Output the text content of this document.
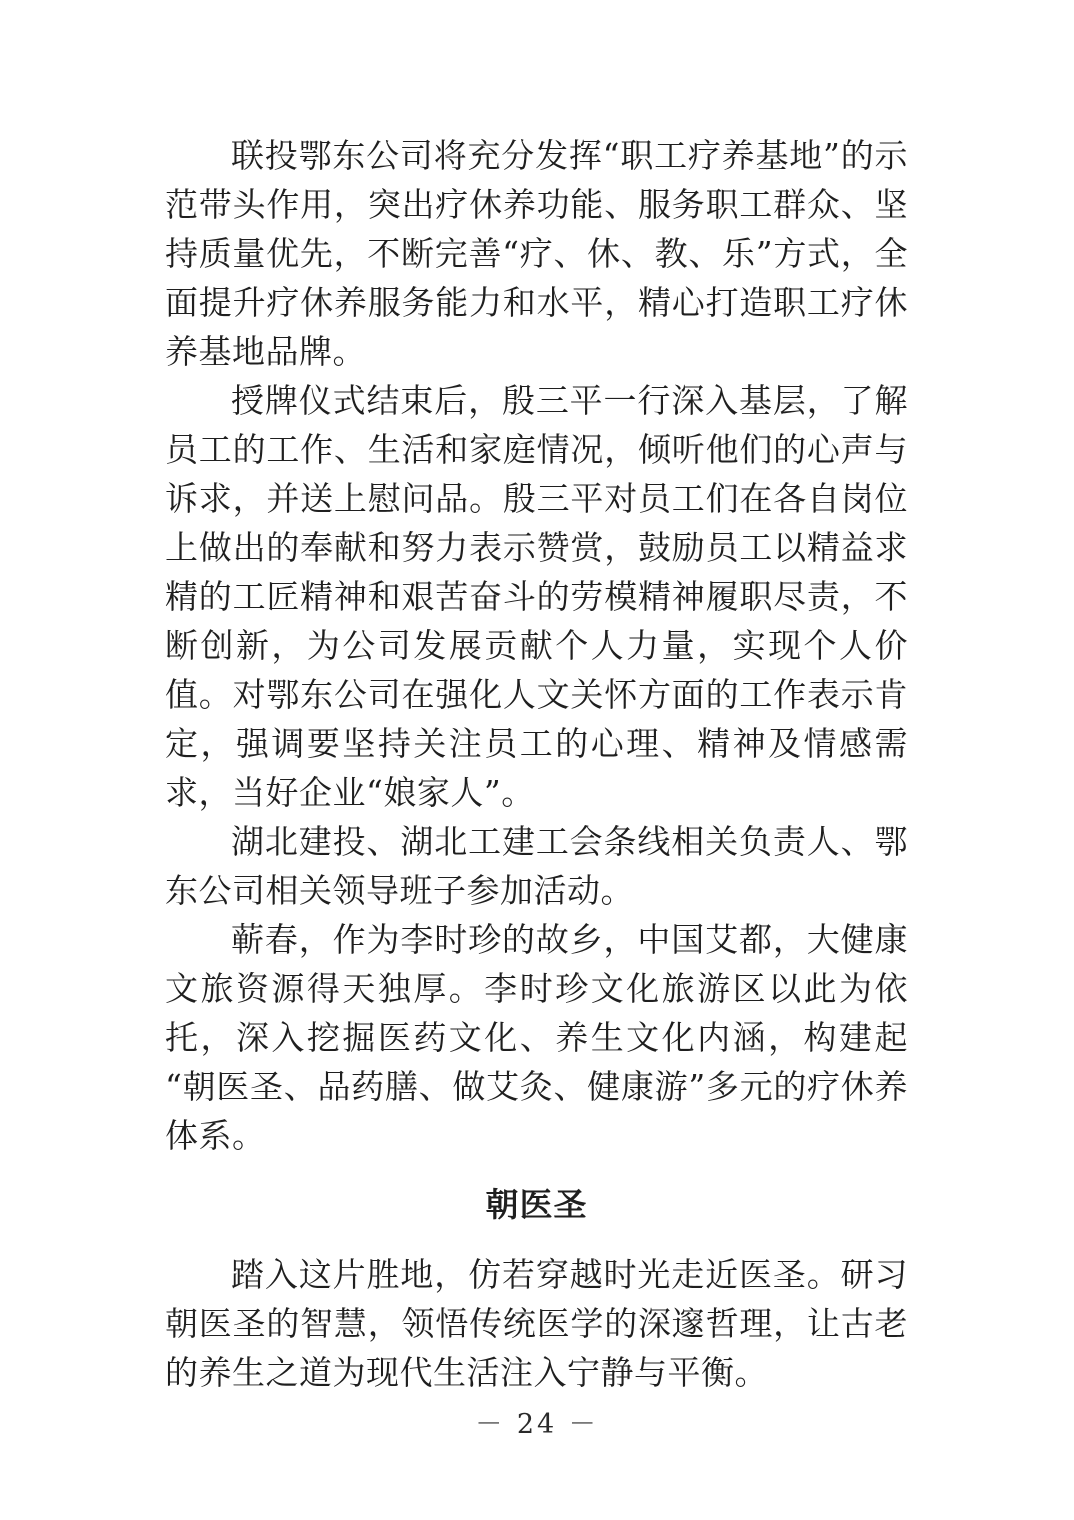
联投鄂东公司将充分发挥“职工疗养基地”的示范带头作用，突出疗休养功能、服务职工群众、坚持质量优先，不断完善“疗、休、教、乐”方式，全面提升疗休养服务能力和水平，精心打造职工疗休养基地品牌。

授牌仪式结束后，殷三平一行深入基层，了解员工的工作、生活和家庭情况，倾听他们的心声与诉求，并送上慰问品。殷三平对员工们在各自岗位上做出的奉献和努力表示赞赏，鼓励员工以精益求精的工匠精神和艰苦奋斗的劳模精神履职尽责，不断创新，为公司发展贡献个人力量，实现个人价值。对鄂东公司在强化人文关怀方面的工作表示肯定，强调要坚持关注员工的心理、精神及情感需求，当好企业“娘家人”。

湖北建投、湖北工建工会条线相关负责人、鄂东公司相关领导班子参加活动。

蕲春，作为李时珍的故乡，中国艾都，大健康文旅资源得天独厚。李时珍文化旅游区以此为依托，深入挖掘医药文化、养生文化内涵，构建起“朝医圣、品药膳、做艾灸、健康游”多元的疗休养体系。

朝医圣

踏入这片胜地，仿若穿越时光走近医圣。研习朝医圣的智慧，领悟传统医学的深邃哲理，让古老的养生之道为现代生活注入宁静与平衡。

－ 24 －
